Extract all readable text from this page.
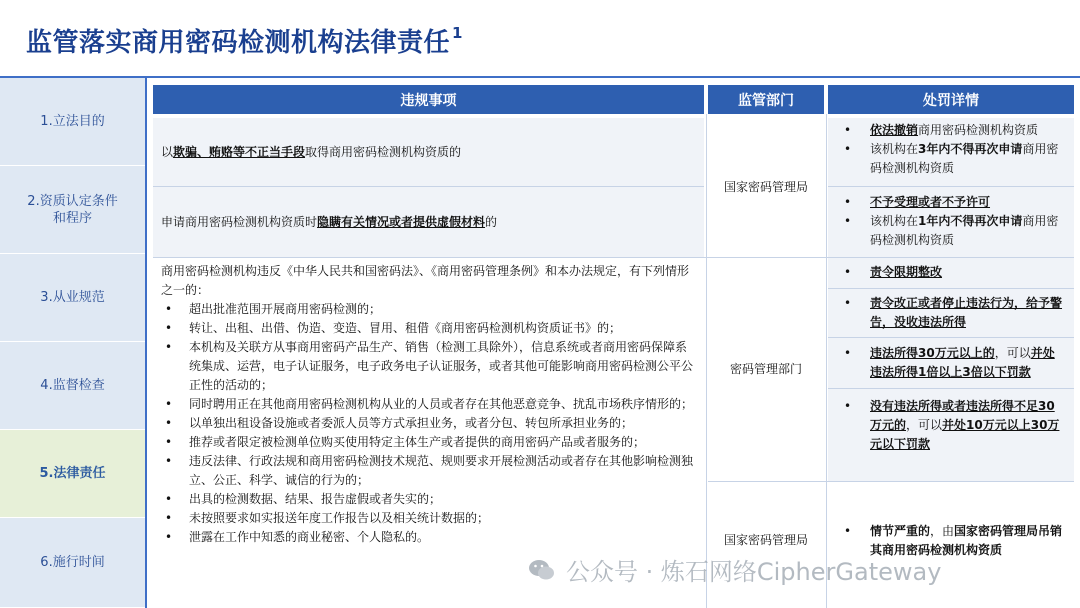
监管落实商用密码检测机构法律责任 $^1$
1.立法目的
2.资质认定条件
和程序
3.从业规范
4.监督检查
5.法律责任
6.施行时间
违规事项	监管部门	处罚详情
以欺骗、贿赂等不正当手段取得商用密码检测机构资质的
申请商用密码检测机构资质时隐瞒有关情况或者提供虚假材料的
国家密码管理局
• 依法撤销商用密码检测机构资质
• 该机构在3年内不得再次申请商用密码检测机构资质
• 不予受理或者不予许可
• 该机构在1年内不得再次申请商用密码检测机构资质
商用密码检测机构违反《中华人民共和国密码法》、《商用密码管理条例》和本办法规定，有下列情形之一的：
• 超出批准范围开展商用密码检测的；
• 转让、出租、出借、伪造、变造、冒用、租借《商用密码检测机构资质证书》的；
• 本机构及关联方从事商用密码产品生产、销售（检测工具除外），信息系统或者商用密码保障系统集成、运营，电子认证服务，电子政务电子认证服务，或者其他可能影响商用密码检测公平公正性的活动的；
• 同时聘用正在其他商用密码检测机构从业的人员或者存在其他恶意竞争、扰乱市场秩序情形的；
• 以单独出租设备设施或者委派人员等方式承担业务，或者分包、转包所承担业务的；
• 推荐或者限定被检测单位购买使用特定主体生产或者提供的商用密码产品或者服务的；
• 违反法律、行政法规和商用密码检测技术规范、规则要求开展检测活动或者存在其他影响检测独立、公正、科学、诚信的行为的；
• 出具的检测数据、结果、报告虚假或者失实的；
• 未按照要求如实报送年度工作报告以及相关统计数据的；
• 泄露在工作中知悉的商业秘密、个人隐私的。
密码管理部门
国家密码管理局
• 责令限期整改
• 责令改正或者停止违法行为，给予警告，没收违法所得
• 违法所得30万元以上的，可以并处违法所得1倍以上3倍以下罚款
• 没有违法所得或者违法所得不足30万元的，可以并处10万元以上30万元以下罚款
• 情节严重的，由国家密码管理局吊销其商用密码检测机构资质
公众号 · 炼石网络CipherGateway
